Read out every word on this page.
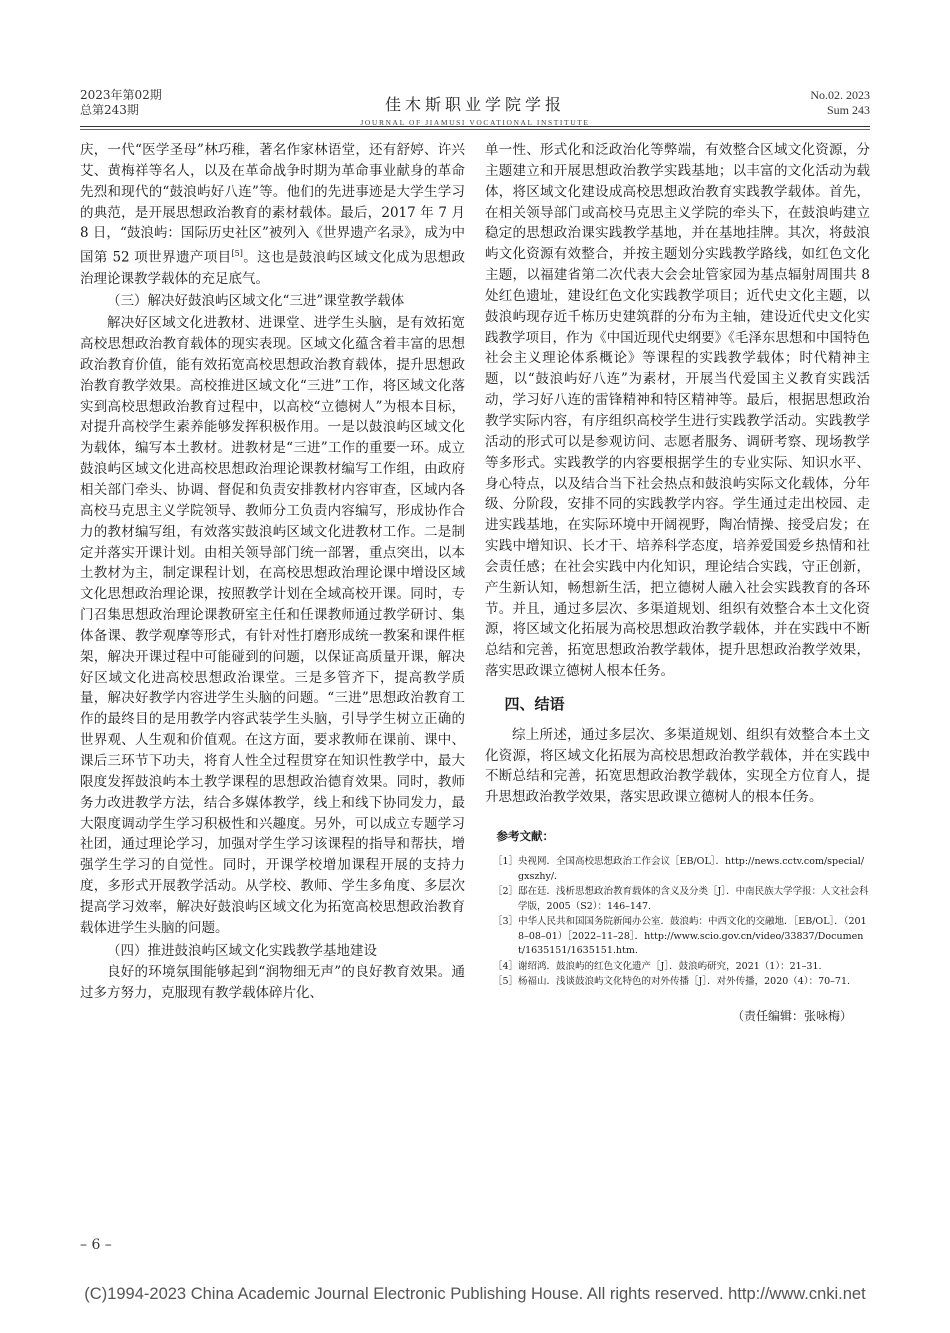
2023年第02期
总第243期	佳木斯职业学院学报
JOURNAL OF JIAMUSI VOCATIONAL INSTITUTE
No.02. 2023
Sum 243

庆，一代“医学圣母”林巧稚，著名作家林语堂，还有舒婷、许兴艾、黄梅祥等名人，以及在革命战争时期为革命事业献身的革命先烈和现代的“鼓浪屿好八连”等。他们的先进事迹是大学生学习的典范，是开展思想政治教育的素材载体。最后，2017 年 7 月 8 日，“鼓浪屿：国际历史社区”被列入《世界遗产名录》，成为中国第 52 项世界遗产项目[5]。这也是鼓浪屿区域文化成为思想政治理论课教学载体的充足底气。

（三）解决好鼓浪屿区域文化“三进”课堂教学载体

解决好区域文化进教材、进课堂、进学生头脑，是有效拓宽高校思想政治教育载体的现实表现。区域文化蕴含着丰富的思想政治教育价值，能有效拓宽高校思想政治教育载体，提升思想政治教育教学效果。高校推进区域文化“三进”工作，将区域文化落实到高校思想政治教育过程中，以高校“立德树人”为根本目标，对提升高校学生素养能够发挥积极作用。一是以鼓浪屿区域文化为载体，编写本土教材。进教材是“三进”工作的重要一环。成立鼓浪屿区域文化进高校思想政治理论课教材编写工作组，由政府相关部门牵头、协调、督促和负责安排教材内容审查，区域内各高校马克思主义学院领导、教师分工负责内容编写，形成协作合力的教材编写组，有效落实鼓浪屿区域文化进教材工作。二是制定并落实开课计划。由相关领导部门统一部署，重点突出，以本土教材为主，制定课程计划，在高校思想政治理论课中增设区域文化思想政治理论课，按照教学计划在全域高校开课。同时，专门召集思想政治理论课教研室主任和任课教师通过教学研讨、集体备课、教学观摩等形式，有针对性打磨形成统一教案和课件框架，解决开课过程中可能碰到的问题，以保证高质量开课，解决好区域文化进高校思想政治课堂。三是多管齐下，提高教学质量，解决好教学内容进学生头脑的问题。“三进”思想政治教育工作的最终目的是用教学内容武装学生头脑，引导学生树立正确的世界观、人生观和价值观。在这方面，要求教师在课前、课中、课后三环节下功夫，将育人性全过程贯穿在知识性教学中，最大限度发挥鼓浪屿本土教学课程的思想政治德育效果。同时，教师务力改进教学方法，结合多媒体教学，线上和线下协同发力，最大限度调动学生学习积极性和兴趣度。另外，可以成立专题学习社团，通过理论学习，加强对学生学习该课程的指导和帮扶，增强学生学习的自觉性。同时，开课学校增加课程开展的支持力度，多形式开展教学活动。从学校、教师、学生多角度、多层次提高学习效率，解决好鼓浪屿区域文化为拓宽高校思想政治教育载体进学生头脑的问题。

（四）推进鼓浪屿区域文化实践教学基地建设

良好的环境氛围能够起到“润物细无声”的良好教育效果。通过多方努力，克服现有教学载体碎片化、

单一性、形式化和泛政治化等弊端，有效整合区域文化资源，分主题建立和开展思想政治教学实践基地；以丰富的文化活动为载体，将区域文化建设成高校思想政治教育实践教学载体。首先，在相关领导部门或高校马克思主义学院的牵头下，在鼓浪屿建立稳定的思想政治课实践教学基地，并在基地挂牌。其次，将鼓浪屿文化资源有效整合，并按主题划分实践教学路线，如红色文化主题，以福建省第二次代表大会会址管家园为基点辐射周围共 8 处红色遗址，建设红色文化实践教学项目；近代史文化主题，以鼓浪屿现存近千栋历史建筑群的分布为主轴，建设近代史文化实践教学项目，作为《中国近现代史纲要》《毛泽东思想和中国特色社会主义理论体系概论》等课程的实践教学载体；时代精神主题，以“鼓浪屿好八连”为素材，开展当代爱国主义教育实践活动，学习好八连的雷锋精神和特区精神等。最后，根据思想政治教学实际内容，有序组织高校学生进行实践教学活动。实践教学活动的形式可以是参观访问、志愿者服务、调研考察、现场教学等多形式。实践教学的内容要根据学生的专业实际、知识水平、身心特点，以及结合当下社会热点和鼓浪屿实际文化载体，分年级、分阶段，安排不同的实践教学内容。学生通过走出校园、走进实践基地，在实际环境中开阔视野，陶冶情操、接受启发；在实践中增知识、长才干、培养科学态度，培养爱国爱乡热情和社会责任感；在社会实践中内化知识，理论结合实践，守正创新，产生新认知，畅想新生活，把立德树人融入社会实践教育的各环节。并且，通过多层次、多渠道规划、组织有效整合本土文化资源，将区域文化拓展为高校思想政治教学载体，并在实践中不断总结和完善，拓宽思想政治教学载体，提升思想政治教学效果，落实思政课立德树人根本任务。

四、结语

综上所述，通过多层次、多渠道规划、组织有效整合本土文化资源，将区域文化拓展为高校思想政治教学载体，并在实践中不断总结和完善，拓宽思想政治教学载体，实现全方位育人，提升思想政治教学效果，落实思政课立德树人的根本任务。

参考文献：

［1］ 央视网．全国高校思想政治工作会议［EB/OL］．http://news.cctv.com/special/gxszhy/．
［2］ 邸在廷．浅析思想政治教育载体的含义及分类［J］．中南民族大学学报：人文社会科学版，2005（S2）：146–147.
［3］ 中华人民共和国国务院新闻办公室．鼓浪屿：中西文化的交融地．［EB/OL］．（2018–08–01）［2022–11–28］．http://www.scio.gov.cn/video/33837/Document/1635151/1635151.htm.
［4］ 谢绍鸿．鼓浪屿的红色文化遗产［J］．鼓浪屿研究，2021（1）：21–31.
［5］ 杨福山．浅谈鼓浪屿文化特色的对外传播［J］．对外传播，2020（4）：70–71.

（责任编辑：张咏梅）

– 6 –
(C)1994-2023 China Academic Journal Electronic Publishing House. All rights reserved. http://www.cnki.net
